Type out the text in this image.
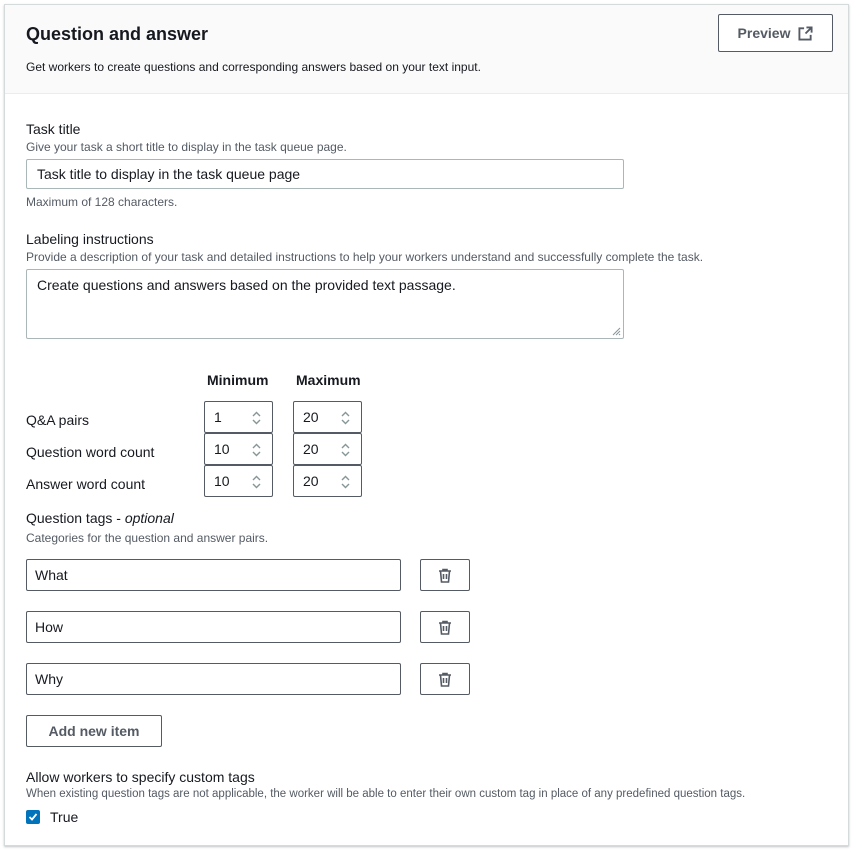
Question and answer
Get workers to create questions and corresponding answers based on your text input.
Preview
Task title
Give your task a short title to display in the task queue page.
Task title to display in the task queue page
Maximum of 128 characters.
Labeling instructions
Provide a description of your task and detailed instructions to help your workers understand and successfully complete the task.
Create questions and answers based on the provided text passage.
Minimum Maximum
Q&A pairs	1	20
Question word count	10	20
Answer word count	10	20
Question tags - optional
Categories for the question and answer pairs.
What
How
Why
Add new item
Allow workers to specify custom tags
When existing question tags are not applicable, the worker will be able to enter their own custom tag in place of any predefined question tags.
True
